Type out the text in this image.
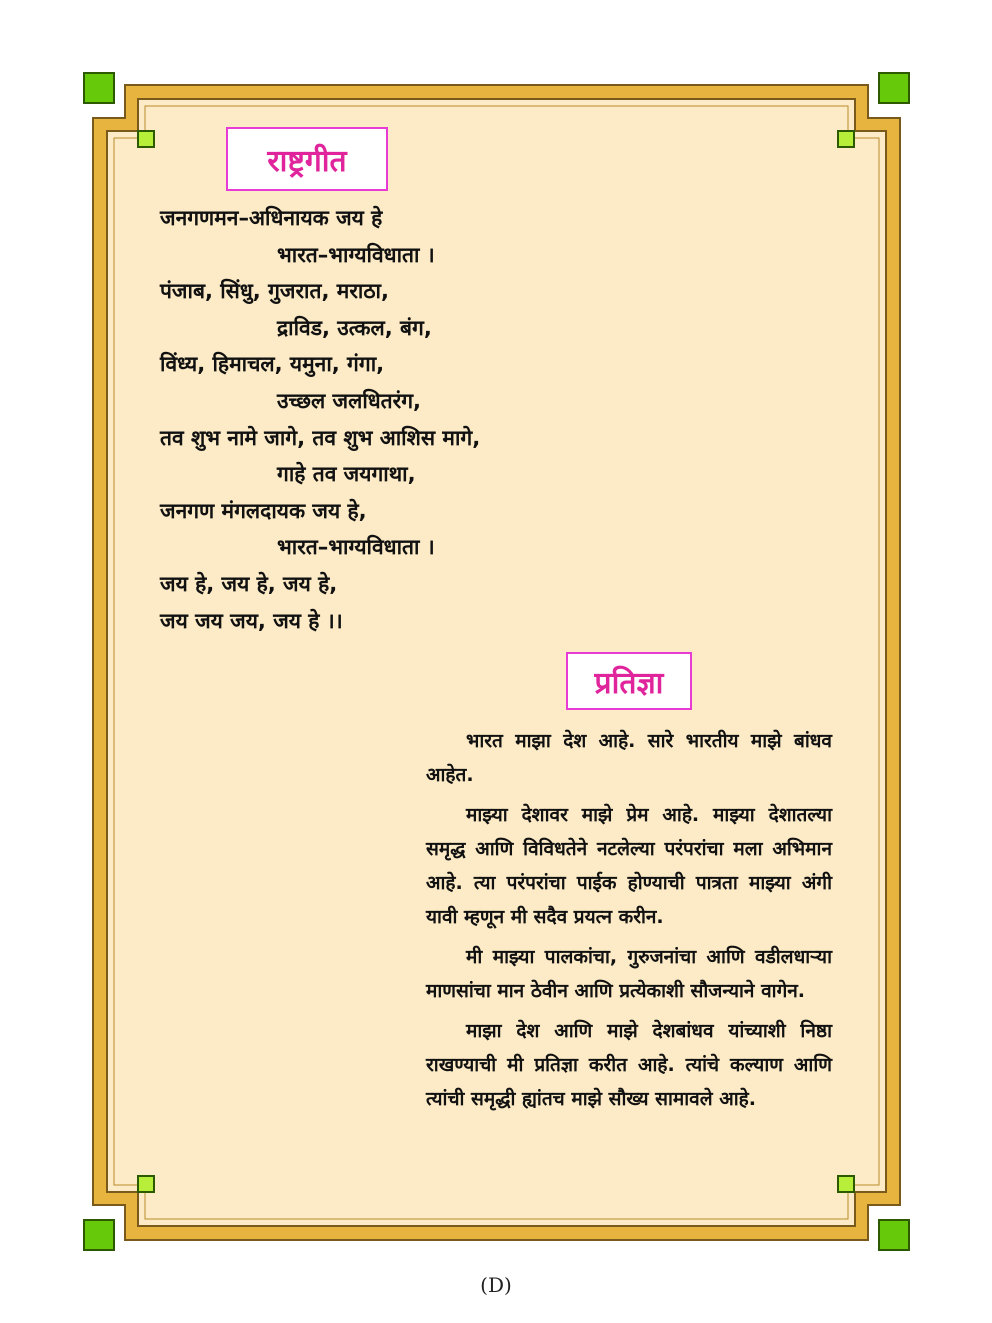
राष्ट्रगीत
जनगणमन–अधिनायक जय हे
भारत–भाग्यविधाता ।
पंजाब, सिंधु, गुजरात, मराठा,
द्राविड, उत्कल, बंग,
विंध्य, हिमाचल, यमुना, गंगा,
उच्छल जलधितरंग,
तव शुभ नामे जागे, तव शुभ आशिस मागे,
गाहे तव जयगाथा,
जनगण मंगलदायक जय हे,
भारत–भाग्यविधाता ।
जय हे, जय हे, जय हे,
जय जय जय, जय हे ।।
प्रतिज्ञा

भारत माझा देश आहे. सारे भारतीय माझे बांधव आहेत.

माझ्या देशावर माझे प्रेम आहे. माझ्या देशातल्या समृद्ध आणि विविधतेने नटलेल्या परंपरांचा मला अभिमान आहे. त्या परंपरांचा पाईक होण्याची पात्रता माझ्या अंगी यावी म्हणून मी सदैव प्रयत्न करीन.

मी माझ्या पालकांचा, गुरुजनांचा आणि वडीलधाऱ्या माणसांचा मान ठेवीन आणि प्रत्येकाशी सौजन्याने वागेन.

माझा देश आणि माझे देशबांधव यांच्याशी निष्ठा राखण्याची मी प्रतिज्ञा करीत आहे. त्यांचे कल्याण आणि त्यांची समृद्धी ह्यांतच माझे सौख्य सामावले आहे.

(D)
